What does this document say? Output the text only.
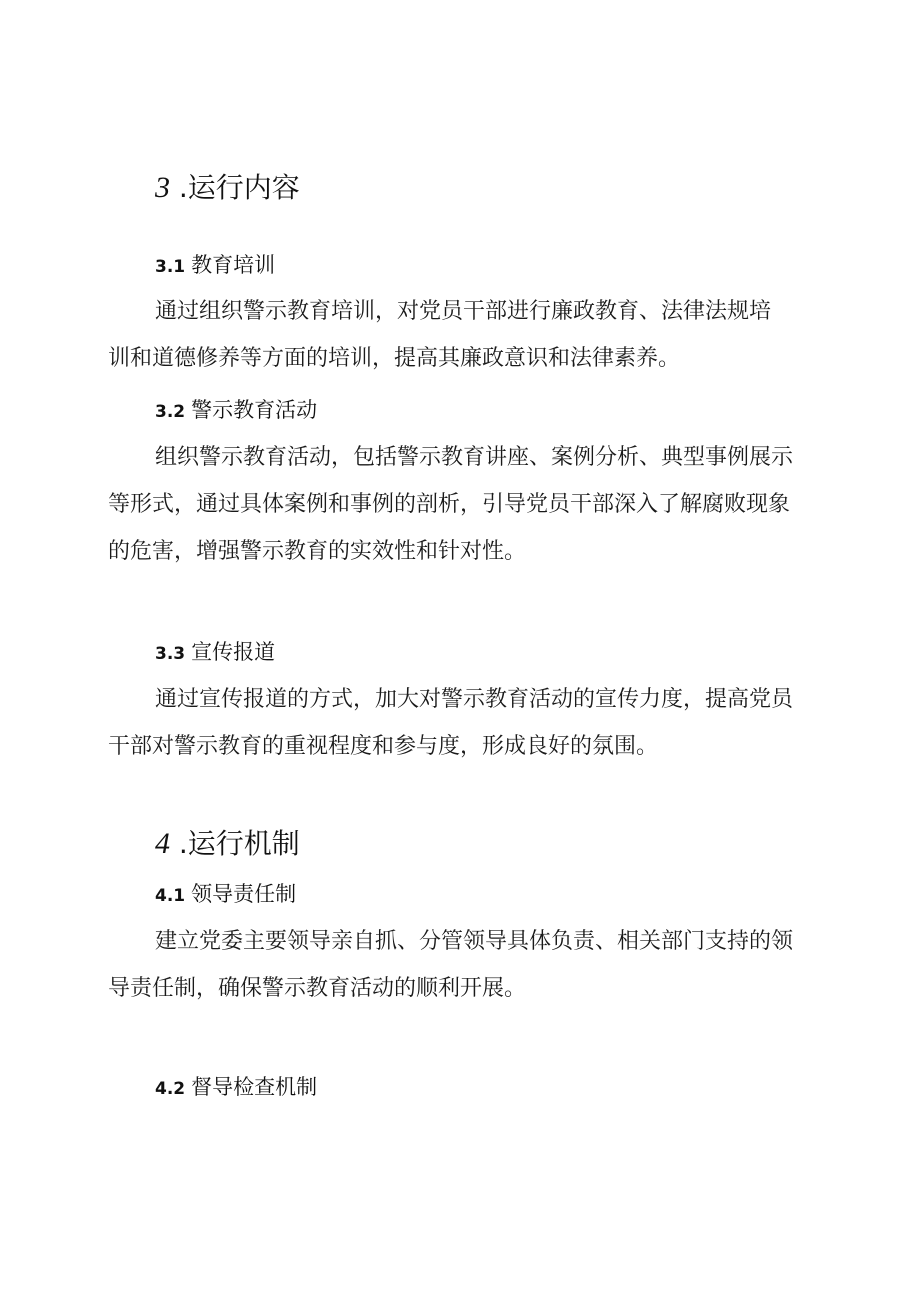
3 .运行内容
3.1 教育培训

通过组织警示教育培训，对党员干部进行廉政教育、法律法规培
训和道德修养等方面的培训，提高其廉政意识和法律素养。

3.2 警示教育活动

组织警示教育活动，包括警示教育讲座、案例分析、典型事例展示
等形式，通过具体案例和事例的剖析，引导党员干部深入了解腐败现象
的危害，增强警示教育的实效性和针对性。

3.3 宣传报道

通过宣传报道的方式，加大对警示教育活动的宣传力度，提高党员
干部对警示教育的重视程度和参与度，形成良好的氛围。

4 .运行机制
4.1 领导责任制

建立党委主要领导亲自抓、分管领导具体负责、相关部门支持的领
导责任制，确保警示教育活动的顺利开展。

4.2 督导检查机制
